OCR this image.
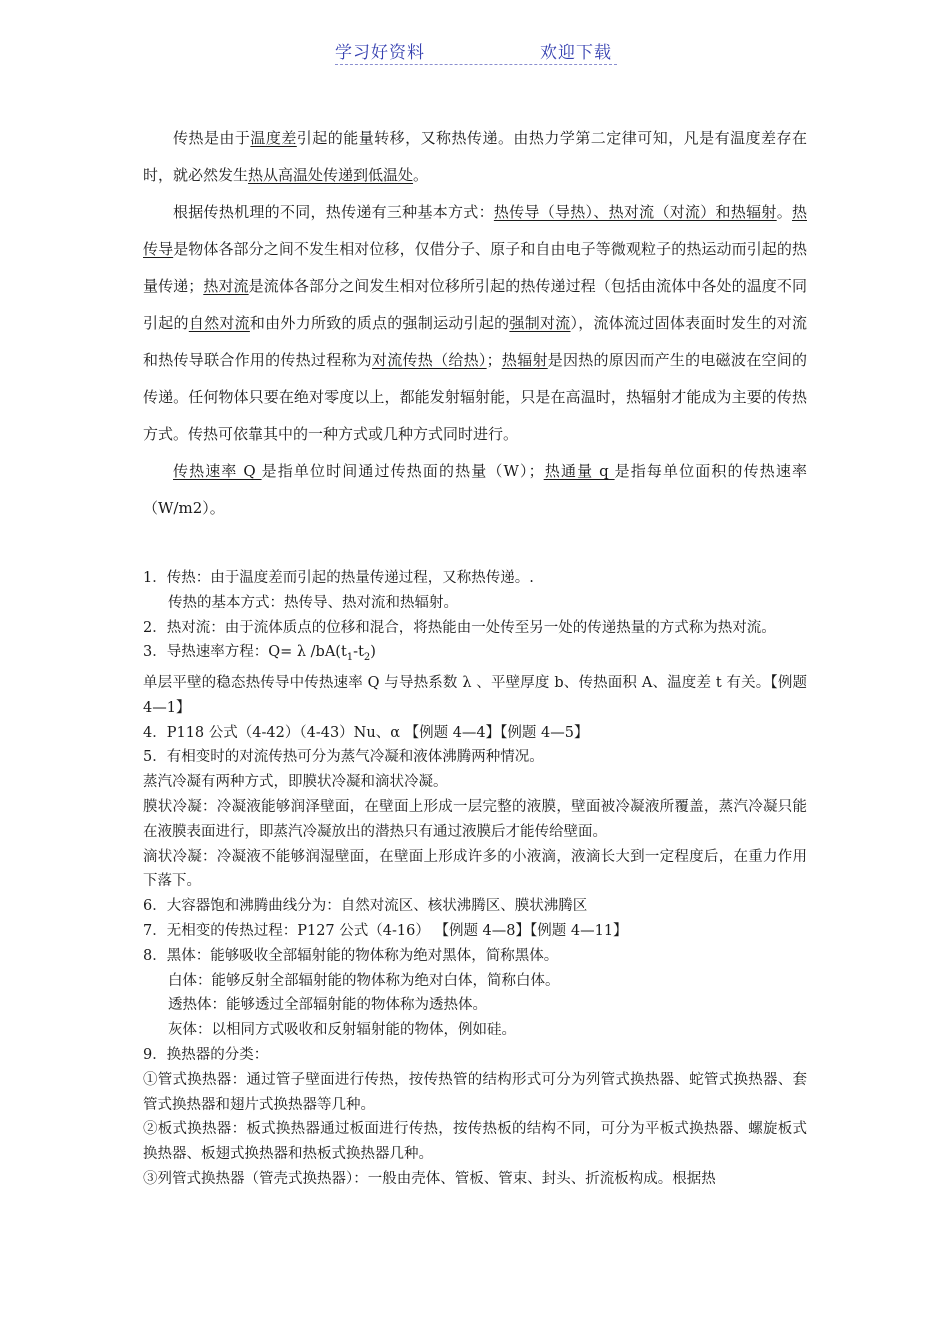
学习好资料	欢迎下载

传热是由于温度差引起的能量转移，又称热传递。由热力学第二定律可知，凡是有温度差存在时，就必然发生热从高温处传递到低温处。

根据传热机理的不同，热传递有三种基本方式：热传导（导热）、热对流（对流）和热辐射。热传导是物体各部分之间不发生相对位移，仅借分子、原子和自由电子等微观粒子的热运动而引起的热量传递；热对流是流体各部分之间发生相对位移所引起的热传递过程（包括由流体中各处的温度不同引起的自然对流和由外力所致的质点的强制运动引起的强制对流），流体流过固体表面时发生的对流和热传导联合作用的传热过程称为对流传热（给热）；热辐射是因热的原因而产生的电磁波在空间的传递。任何物体只要在绝对零度以上，都能发射辐射能，只是在高温时，热辐射才能成为主要的传热方式。传热可依靠其中的一种方式或几种方式同时进行。

传热速率 Q 是指单位时间通过传热面的热量（W）；热通量 q 是指每单位面积的传热速率（W/m2）。

1．传热：由于温度差而引起的热量传递过程，又称热传递。.

传热的基本方式：热传导、热对流和热辐射。

2．热对流：由于流体质点的位移和混合，将热能由一处传至另一处的传递热量的方式称为热对流。

3．导热速率方程：Q= λ $/bA(t_1-t_2)$

单层平壁的稳态热传导中传热速率 Q 与导热系数 λ 、平壁厚度 b、传热面积 A、温度差 t 有关。【例题 4—1】

4．P118 公式（4-42）（4-43）Nu、α 【例题 4—4】【例题 4—5】

5．有相变时的对流传热可分为蒸气冷凝和液体沸腾两种情况。

蒸汽冷凝有两种方式，即膜状冷凝和滴状冷凝。

膜状冷凝：冷凝液能够润泽壁面，在壁面上形成一层完整的液膜，壁面被冷凝液所覆盖，蒸汽冷凝只能在液膜表面进行，即蒸汽冷凝放出的潜热只有通过液膜后才能传给壁面。

滴状冷凝：冷凝液不能够润湿壁面，在壁面上形成许多的小液滴，液滴长大到一定程度后，在重力作用下落下。

6．大容器饱和沸腾曲线分为：自然对流区、核状沸腾区、膜状沸腾区

7．无相变的传热过程：P127 公式（4-16） 【例题 4—8】【例题 4—11】

8．黑体：能够吸收全部辐射能的物体称为绝对黑体，简称黑体。

白体：能够反射全部辐射能的物体称为绝对白体，简称白体。

透热体：能够透过全部辐射能的物体称为透热体。

灰体：以相同方式吸收和反射辐射能的物体，例如硅。

9．换热器的分类：

①管式换热器：通过管子壁面进行传热，按传热管的结构形式可分为列管式换热器、蛇管式换热器、套管式换热器和翅片式换热器等几种。

②板式换热器：板式换热器通过板面进行传热，按传热板的结构不同，可分为平板式换热器、螺旋板式换热器、板翅式换热器和热板式换热器几种。

③列管式换热器（管壳式换热器）：一般由壳体、管板、管束、封头、折流板构成。根据热
